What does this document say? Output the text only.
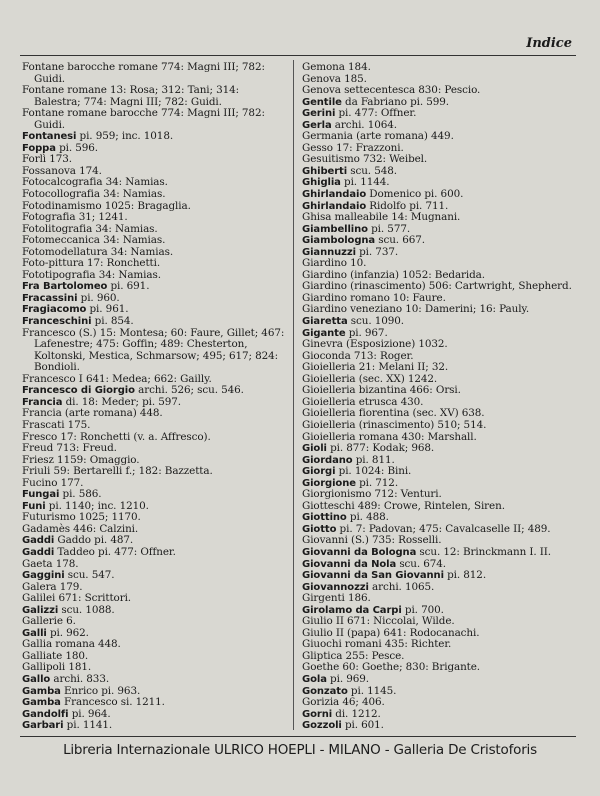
Indice
Fontane barocche romane 774: Magni III; 782: Guidi.
Fontane romane 13: Rosa; 312: Tani; 314: Balestra; 774: Magni III; 782: Guidi.
Fontane romane barocche 774: Magni III; 782: Guidi.
Fontanesi pi. 959; inc. 1018.
Foppa pi. 596.
Forlì 173.
Fossanova 174.
Fotocalcografia 34: Namias.
Fotocollografia 34: Namias.
Fotodinamismo 1025: Bragaglia.
Fotografia 31; 1241.
Fotolitografia 34: Namias.
Fotomeccanica 34: Namias.
Fotomodellatura 34: Namias.
Foto-pittura 17: Ronchetti.
Fototipografia 34: Namias.
Fra Bartolomeo pi. 691.
Fracassini pi. 960.
Fragiacomo pi. 961.
Franceschini pi. 854.
Francesco (S.) 15: Montesa; 60: Faure, Gillet; 467: Lafenestre; 475: Goffin; 489: Chesterton, Koltonski, Mestica, Schmarsow; 495; 617; 824: Bondioli.
Francesco I 641: Medea; 662: Gailly.
Francesco di Giorgio archi. 526; scu. 546.
Francia di. 18: Meder; pi. 597.
Francia (arte romana) 448.
Frascati 175.
Fresco 17: Ronchetti (v. a. Affresco).
Freud 713: Freud.
Friesz 1159: Omaggio.
Friuli 59: Bertarelli f.; 182: Bazzetta.
Fucino 177.
Fungai pi. 586.
Funi pi. 1140; inc. 1210.
Futurismo 1025; 1170.
Gadamès 446: Calzini.
Gaddi Gaddo pi. 487.
Gaddi Taddeo pi. 477: Offner.
Gaeta 178.
Gaggini scu. 547.
Galera 179.
Galilei 671: Scrittori.
Galizzi scu. 1088.
Gallerie 6.
Galli pi. 962.
Gallia romana 448.
Galliate 180.
Gallipoli 181.
Gallo archi. 833.
Gamba Enrico pi. 963.
Gamba Francesco si. 1211.
Gandolfi pi. 964.
Garbari pi. 1141.
Gemona 184.
Genova 185.
Genova settecentesca 830: Pescio.
Gentile da Fabriano pi. 599.
Gerini pi. 477: Offner.
Gerla archi. 1064.
Germania (arte romana) 449.
Gesso 17: Frazzoni.
Gesuitismo 732: Weibel.
Ghiberti scu. 548.
Ghiglia pi. 1144.
Ghirlandaio Domenico pi. 600.
Ghirlandaio Ridolfo pi. 711.
Ghisa malleabile 14: Mugnani.
Giambellino pi. 577.
Giambologna scu. 667.
Giannuzzi pi. 737.
Giardino 10.
Giardino (infanzia) 1052: Bedarida.
Giardino (rinascimento) 506: Cartwright, Shepherd.
Giardino romano 10: Faure.
Giardino veneziano 10: Damerini; 16: Pauly.
Giaretta scu. 1090.
Gigante pi. 967.
Ginevra (Esposizione) 1032.
Gioconda 713: Roger.
Gioielleria 21: Melani II; 32.
Gioielleria (sec. XX) 1242.
Gioielleria bizantina 466: Orsi.
Gioielleria etrusca 430.
Gioielleria fiorentina (sec. XV) 638.
Gioielleria (rinascimento) 510; 514.
Gioielleria romana 430: Marshall.
Gioli pi. 877: Kodak; 968.
Giordano pi. 811.
Giorgi pi. 1024: Bini.
Giorgione pi. 712.
Giorgionismo 712: Venturi.
Giotteschi 489: Crowe, Rintelen, Siren.
Giottino pi. 488.
Giotto pi. 7: Padovan; 475: Cavalcaselle II; 489.
Giovanni (S.) 735: Rosselli.
Giovanni da Bologna scu. 12: Brinckmann I. II.
Giovanni da Nola scu. 674.
Giovanni da San Giovanni pi. 812.
Giovannozzi archi. 1065.
Girgenti 186.
Girolamo da Carpi pi. 700.
Giulio II 671: Niccolai, Wilde.
Giulio II (papa) 641: Rodocanachi.
Giuochi romani 435: Richter.
Gliptica 255: Pesce.
Goethe 60: Goethe; 830: Brigante.
Gola pi. 969.
Gonzato pi. 1145.
Gorizia 46; 406.
Gorni di. 1212.
Gozzoli pi. 601.
Libreria Internazionale ULRICO HOEPLI - MILANO - Galleria De Cristoforis
